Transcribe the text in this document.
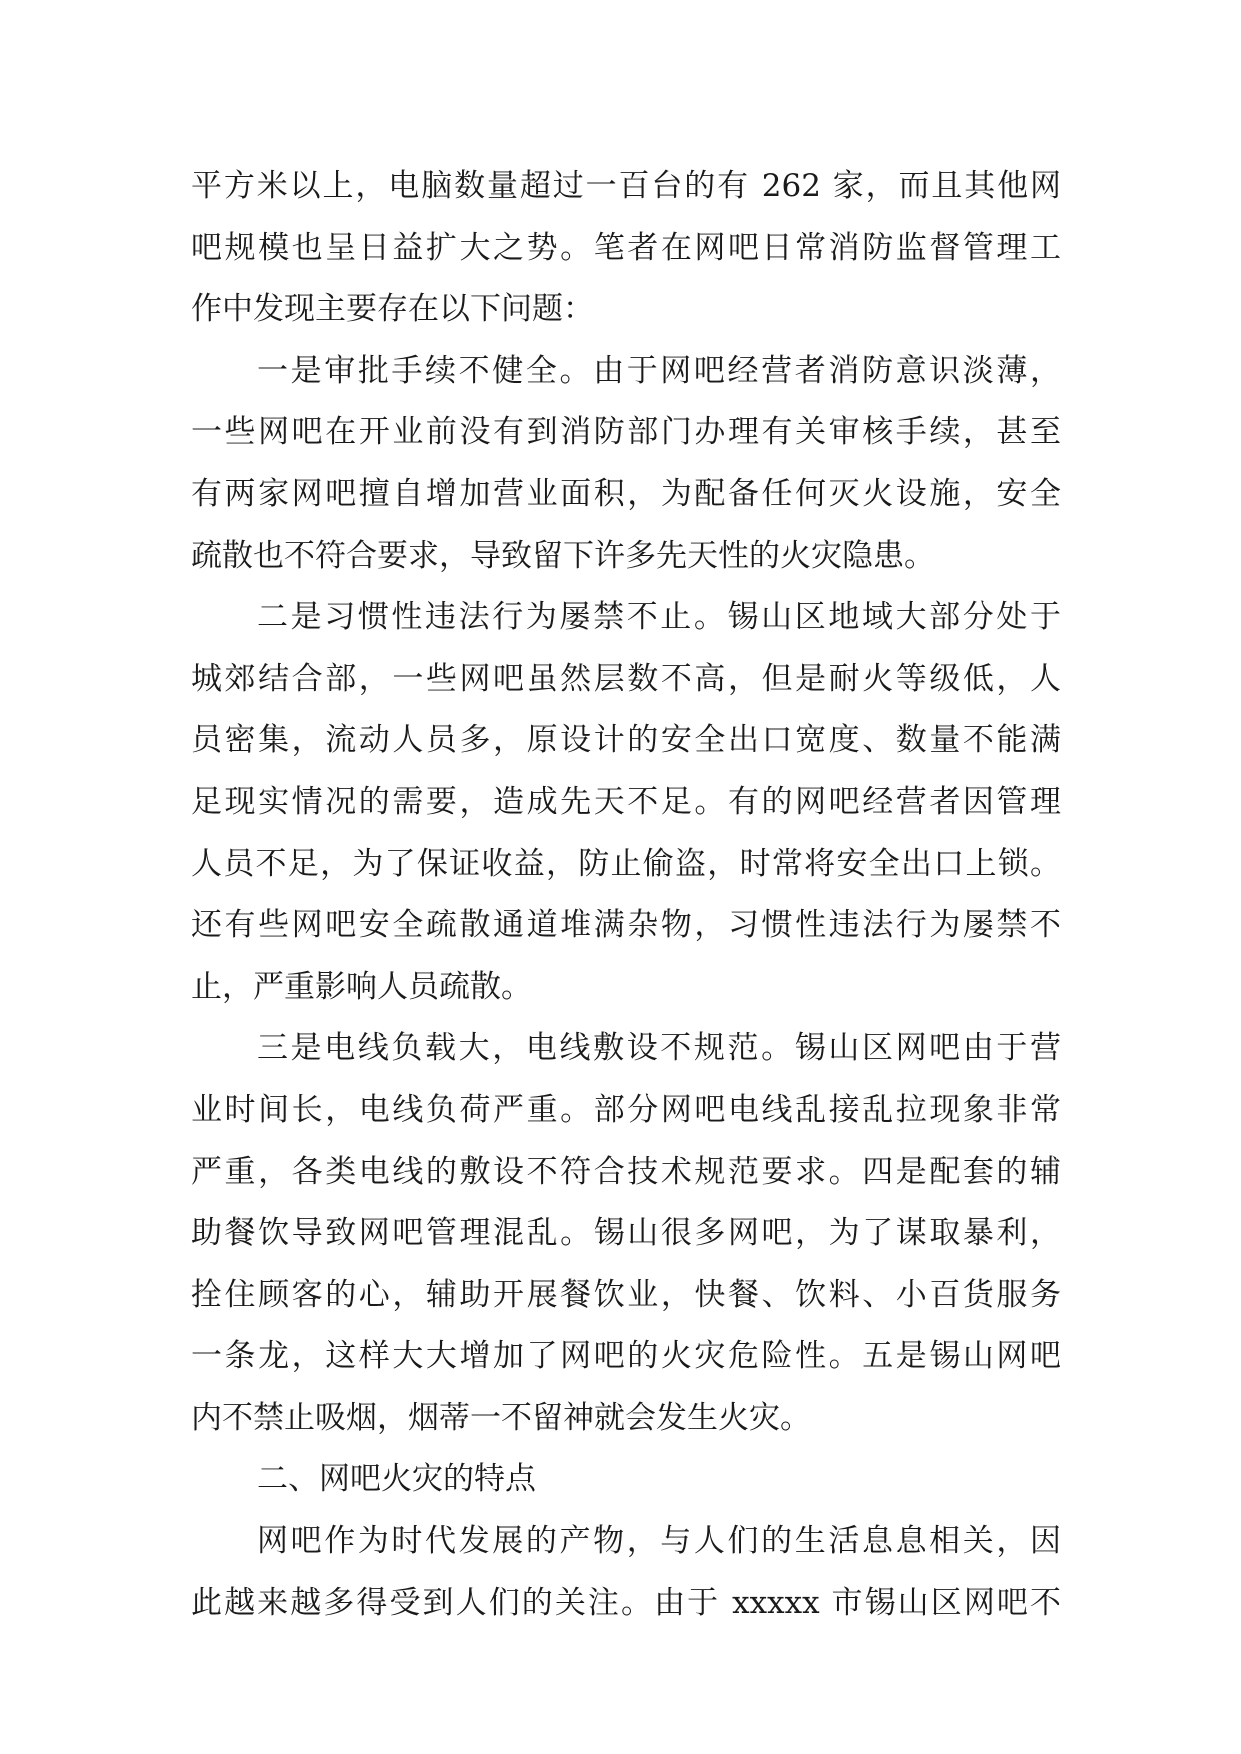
平方米以上，电脑数量超过一百台的有 262 家，而且其他网
吧规模也呈日益扩大之势。笔者在网吧日常消防监督管理工
作中发现主要存在以下问题：
一是审批手续不健全。由于网吧经营者消防意识淡薄，
一些网吧在开业前没有到消防部门办理有关审核手续，甚至
有两家网吧擅自增加营业面积，为配备任何灭火设施，安全
疏散也不符合要求，导致留下许多先天性的火灾隐患。
二是习惯性违法行为屡禁不止。锡山区地域大部分处于
城郊结合部，一些网吧虽然层数不高，但是耐火等级低，人
员密集，流动人员多，原设计的安全出口宽度、数量不能满
足现实情况的需要，造成先天不足。有的网吧经营者因管理
人员不足，为了保证收益，防止偷盗，时常将安全出口上锁。
还有些网吧安全疏散通道堆满杂物，习惯性违法行为屡禁不
止，严重影响人员疏散。
三是电线负载大，电线敷设不规范。锡山区网吧由于营
业时间长，电线负荷严重。部分网吧电线乱接乱拉现象非常
严重，各类电线的敷设不符合技术规范要求。四是配套的辅
助餐饮导致网吧管理混乱。锡山很多网吧，为了谋取暴利，
拴住顾客的心，辅助开展餐饮业，快餐、饮料、小百货服务
一条龙，这样大大增加了网吧的火灾危险性。五是锡山网吧
内不禁止吸烟，烟蒂一不留神就会发生火灾。
二、网吧火灾的特点
网吧作为时代发展的产物，与人们的生活息息相关，因
此越来越多得受到人们的关注。由于 xxxxx 市锡山区网吧不
